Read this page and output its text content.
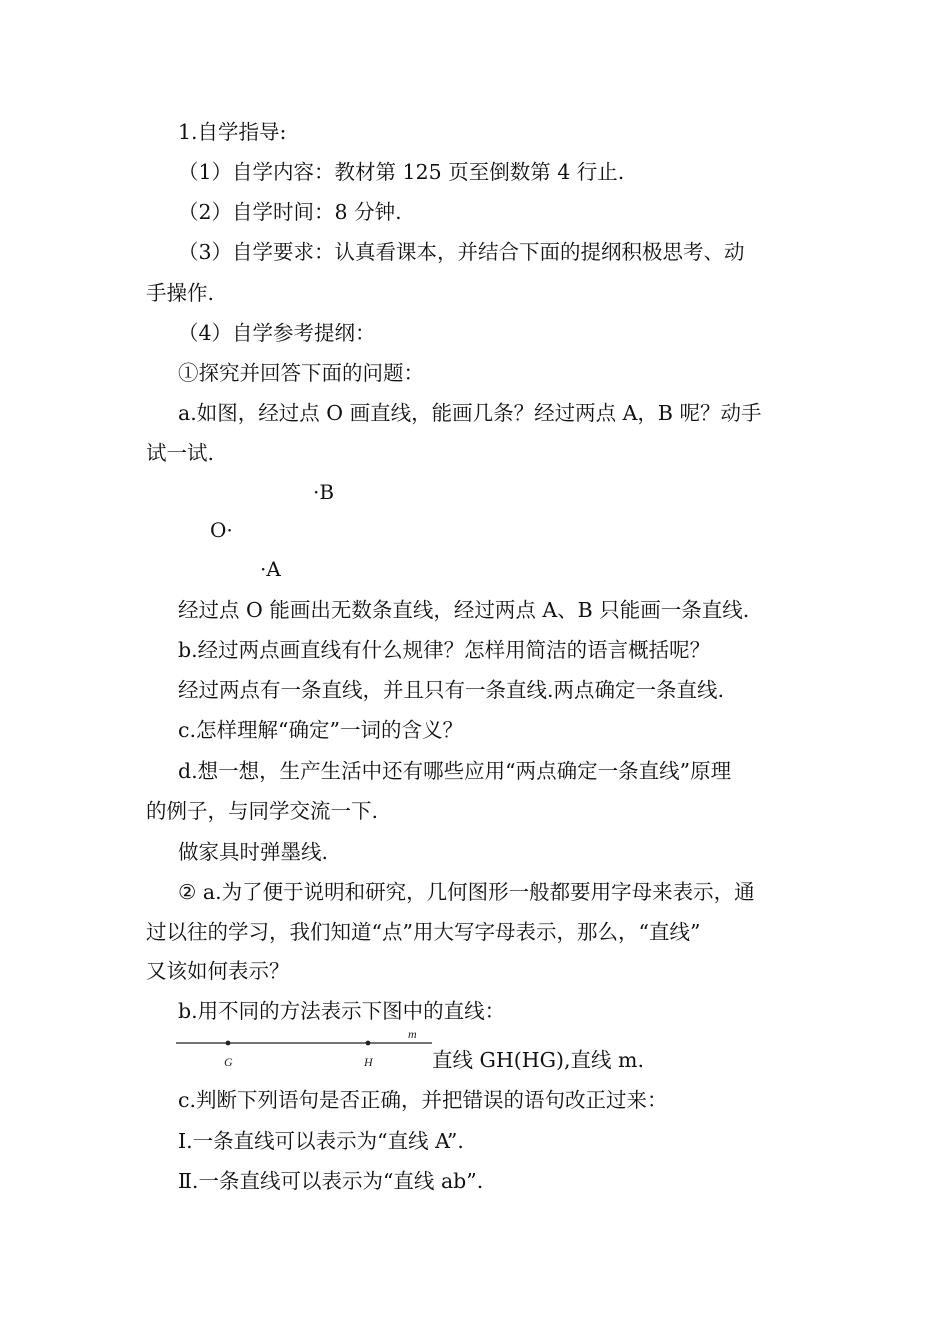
1.自学指导:
（1）自学内容：教材第 125 页至倒数第 4 行止.
（2）自学时间：8 分钟.
（3）自学要求：认真看课本，并结合下面的提纲积极思考、动
手操作.
（4）自学参考提纲：
①探究并回答下面的问题：
a.如图，经过点 O 画直线，能画几条？经过两点 A，B 呢？动手
试一试.
·B
O·
·A
经过点 O 能画出无数条直线，经过两点 A、B 只能画一条直线.
b.经过两点画直线有什么规律？怎样用简洁的语言概括呢？
经过两点有一条直线，并且只有一条直线.两点确定一条直线.
c.怎样理解“确定”一词的含义？
d.想一想，生产生活中还有哪些应用“两点确定一条直线”原理
的例子，与同学交流一下.
做家具时弹墨线.
② a.为了便于说明和研究，几何图形一般都要用字母来表示，通
过以往的学习，我们知道“点”用大写字母表示，那么，“直线”
又该如何表示？
b.用不同的方法表示下图中的直线：
G	H
m
直线 GH(HG),直线 m.
c.判断下列语句是否正确，并把错误的语句改正过来：
Ⅰ.一条直线可以表示为“直线 A”.
Ⅱ.一条直线可以表示为“直线 ab”.
